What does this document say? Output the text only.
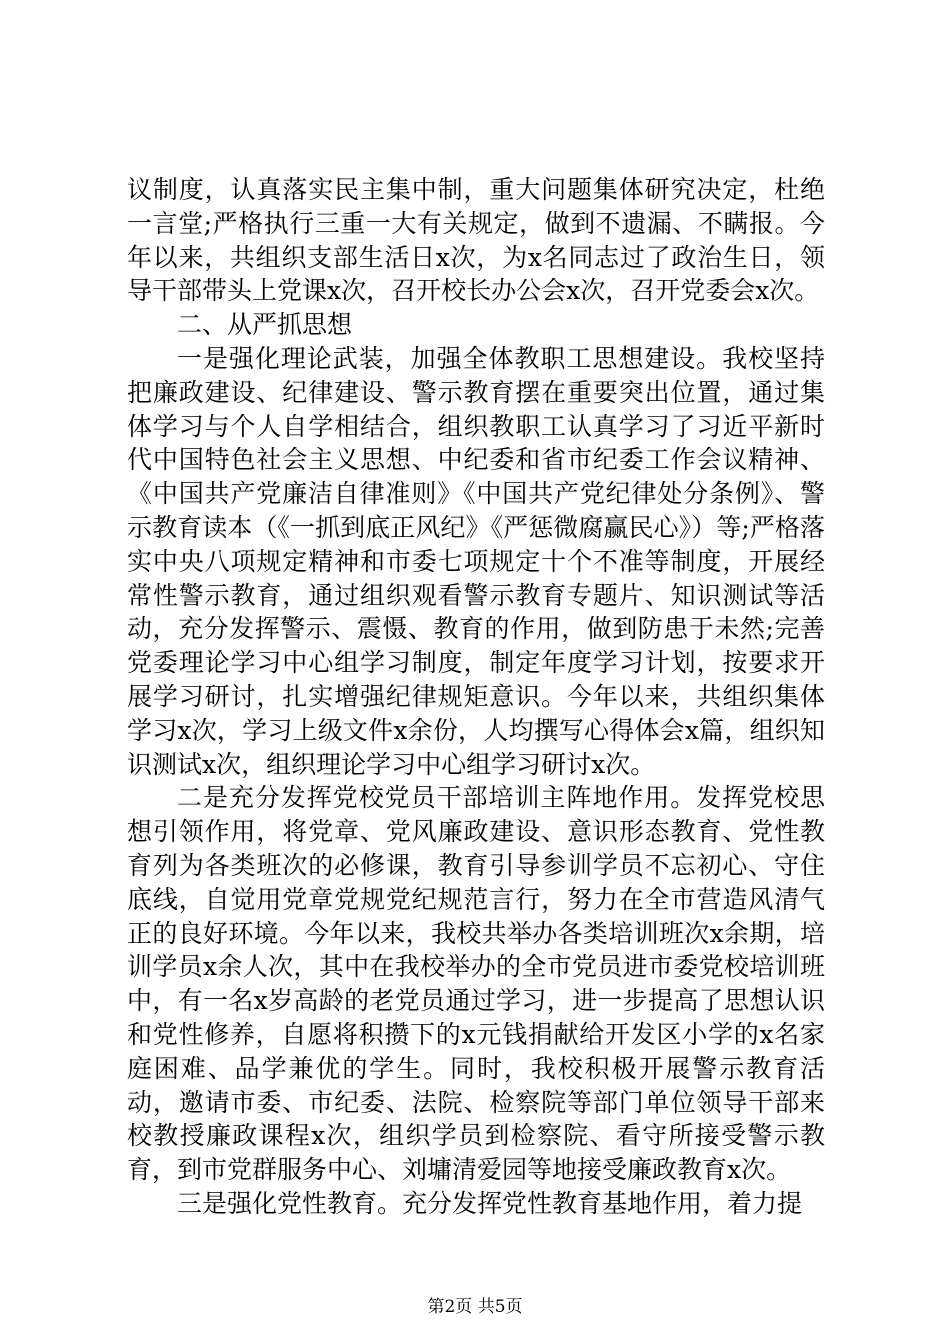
议制度，认真落实民主集中制，重大问题集体研究决定，杜绝一言堂;严格执行三重一大有关规定，做到不遗漏、不瞒报。今年以来，共组织支部生活日x次，为x名同志过了政治生日，领导干部带头上党课x次，召开校长办公会x次，召开党委会x次。

二、从严抓思想

一是强化理论武装，加强全体教职工思想建设。我校坚持把廉政建设、纪律建设、警示教育摆在重要突出位置，通过集体学习与个人自学相结合，组织教职工认真学习了习近平新时代中国特色社会主义思想、中纪委和省市纪委工作会议精神、《中国共产党廉洁自律准则》《中国共产党纪律处分条例》、警示教育读本（《一抓到底正风纪》《严惩微腐赢民心》）等;严格落实中央八项规定精神和市委七项规定十个不准等制度，开展经常性警示教育，通过组织观看警示教育专题片、知识测试等活动，充分发挥警示、震慑、教育的作用，做到防患于未然;完善党委理论学习中心组学习制度，制定年度学习计划，按要求开展学习研讨，扎实增强纪律规矩意识。今年以来，共组织集体学习x次，学习上级文件x余份，人均撰写心得体会x篇，组织知识测试x次，组织理论学习中心组学习研讨x次。

二是充分发挥党校党员干部培训主阵地作用。发挥党校思想引领作用，将党章、党风廉政建设、意识形态教育、党性教育列为各类班次的必修课，教育引导参训学员不忘初心、守住底线，自觉用党章党规党纪规范言行，努力在全市营造风清气正的良好环境。今年以来，我校共举办各类培训班次x余期，培训学员x余人次，其中在我校举办的全市党员进市委党校培训班中，有一名x岁高龄的老党员通过学习，进一步提高了思想认识和党性修养，自愿将积攒下的x元钱捐献给开发区小学的x名家庭困难、品学兼优的学生。同时，我校积极开展警示教育活动，邀请市委、市纪委、法院、检察院等部门单位领导干部来校教授廉政课程x次，组织学员到检察院、看守所接受警示教育，到市党群服务中心、刘墉清爱园等地接受廉政教育x次。

三是强化党性教育。充分发挥党性教育基地作用，着力提

第2页 共5页
